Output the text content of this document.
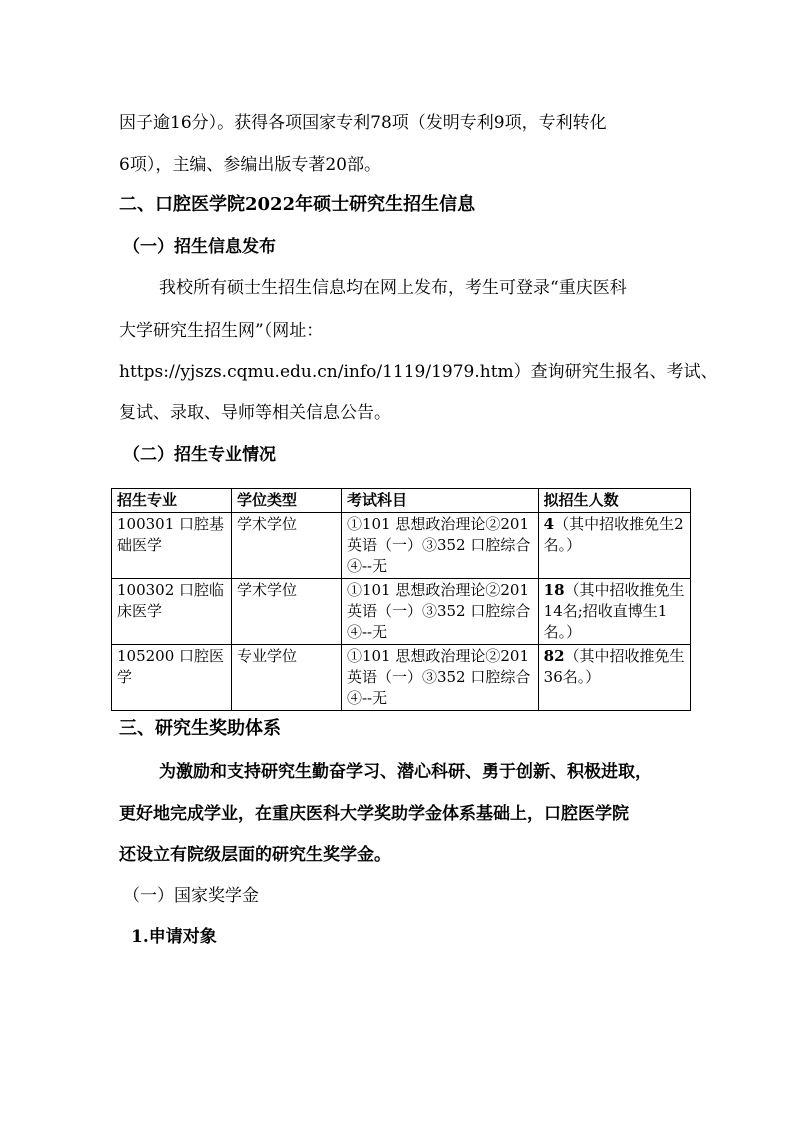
因子逾16分）。获得各项国家专利78项（发明专利9项，专利转化
6项），主编、参编出版专著20部。
二、口腔医学院2022年硕士研究生招生信息
（一）招生信息发布
我校所有硕士生招生信息均在网上发布，考生可登录“重庆医科
大学研究生招生网”（网址：
https://yjszs.cqmu.edu.cn/info/1119/1979.htm）查询研究生报名、考试、
复试、录取、导师等相关信息公告。
（二）招生专业情况
招生专业	学位类型	考试科目	拟招生人数
100301 口腔基础医学	学术学位	①101 思想政治理论②201英语（一）③352 口腔综合④--无	4（其中招收推免生2名。）
100302 口腔临床医学	学术学位	①101 思想政治理论②201英语（一）③352 口腔综合④--无	18（其中招收推免生14名;招收直博生1名。）
105200 口腔医学	专业学位	①101 思想政治理论②201英语（一）③352 口腔综合④--无	82（其中招收推免生36名。）
三、研究生奖助体系
为激励和支持研究生勤奋学习、潜心科研、勇于创新、积极进取，
更好地完成学业，在重庆医科大学奖助学金体系基础上，口腔医学院
还设立有院级层面的研究生奖学金。
（一）国家奖学金
1.申请对象
